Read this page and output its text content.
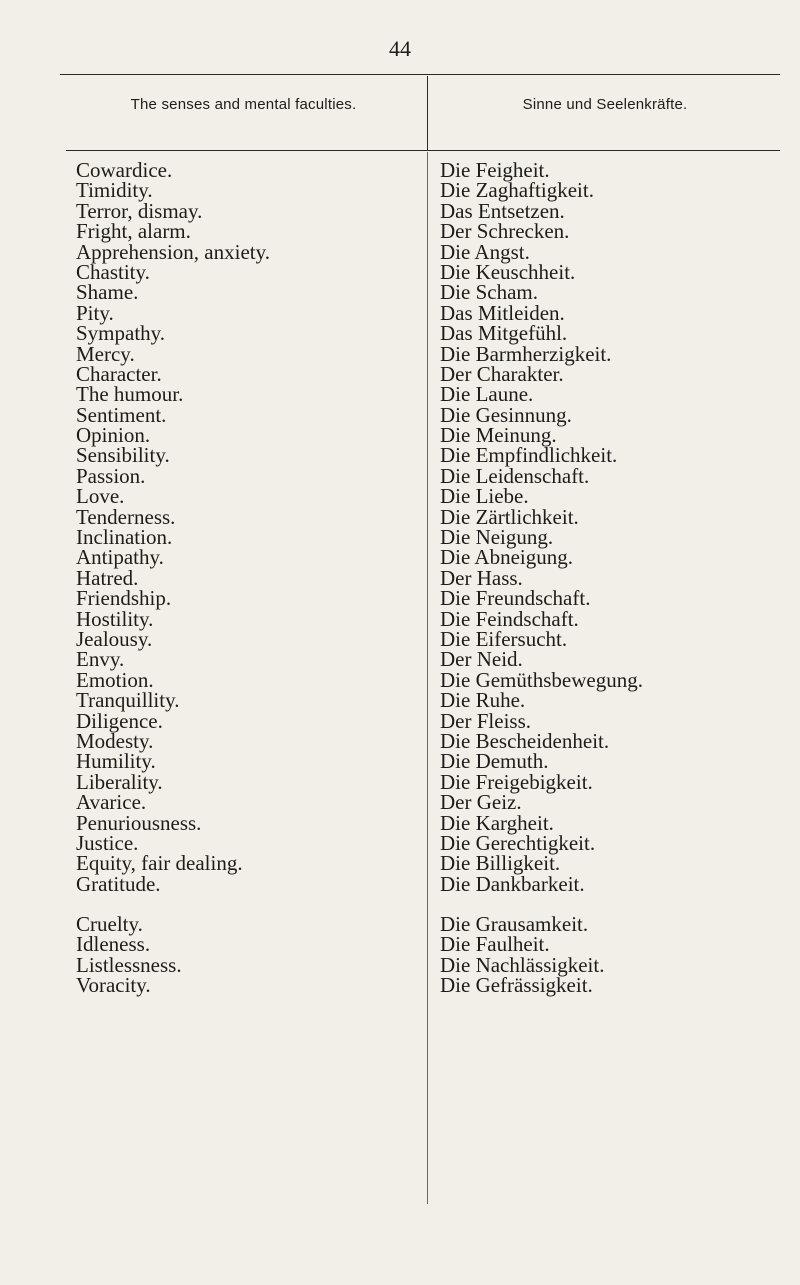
44
The senses and mental faculties.	Sinne und Seelenkräfte.
Cowardice.
Timidity.
Terror, dismay.
Fright, alarm.
Apprehension, anxiety.
Chastity.
Shame.
Pity.
Sympathy.
Mercy.
Character.
The humour.
Sentiment.
Opinion.
Sensibility.
Passion.
Love.
Tenderness.
Inclination.
Antipathy.
Hatred.
Friendship.
Hostility.
Jealousy.
Envy.
Emotion.
Tranquillity.
Diligence.
Modesty.
Humility.
Liberality.
Avarice.
Penuriousness.
Justice.
Equity, fair dealing.
Gratitude.
Cruelty.
Idleness.
Listlessness.
Voracity.
Die Feigheit.
Die Zaghaftigkeit.
Das Entsetzen.
Der Schrecken.
Die Angst.
Die Keuschheit.
Die Scham.
Das Mitleiden.
Das Mitgefühl.
Die Barmherzigkeit.
Der Charakter.
Die Laune.
Die Gesinnung.
Die Meinung.
Die Empfindlichkeit.
Die Leidenschaft.
Die Liebe.
Die Zärtlichkeit.
Die Neigung.
Die Abneigung.
Der Hass.
Die Freundschaft.
Die Feindschaft.
Die Eifersucht.
Der Neid.
Die Gemüthsbewegung.
Die Ruhe.
Der Fleiss.
Die Bescheidenheit.
Die Demuth.
Die Freigebigkeit.
Der Geiz.
Die Kargheit.
Die Gerechtigkeit.
Die Billigkeit.
Die Dankbarkeit.
Die Grausamkeit.
Die Faulheit.
Die Nachlässigkeit.
Die Gefrässigkeit.
